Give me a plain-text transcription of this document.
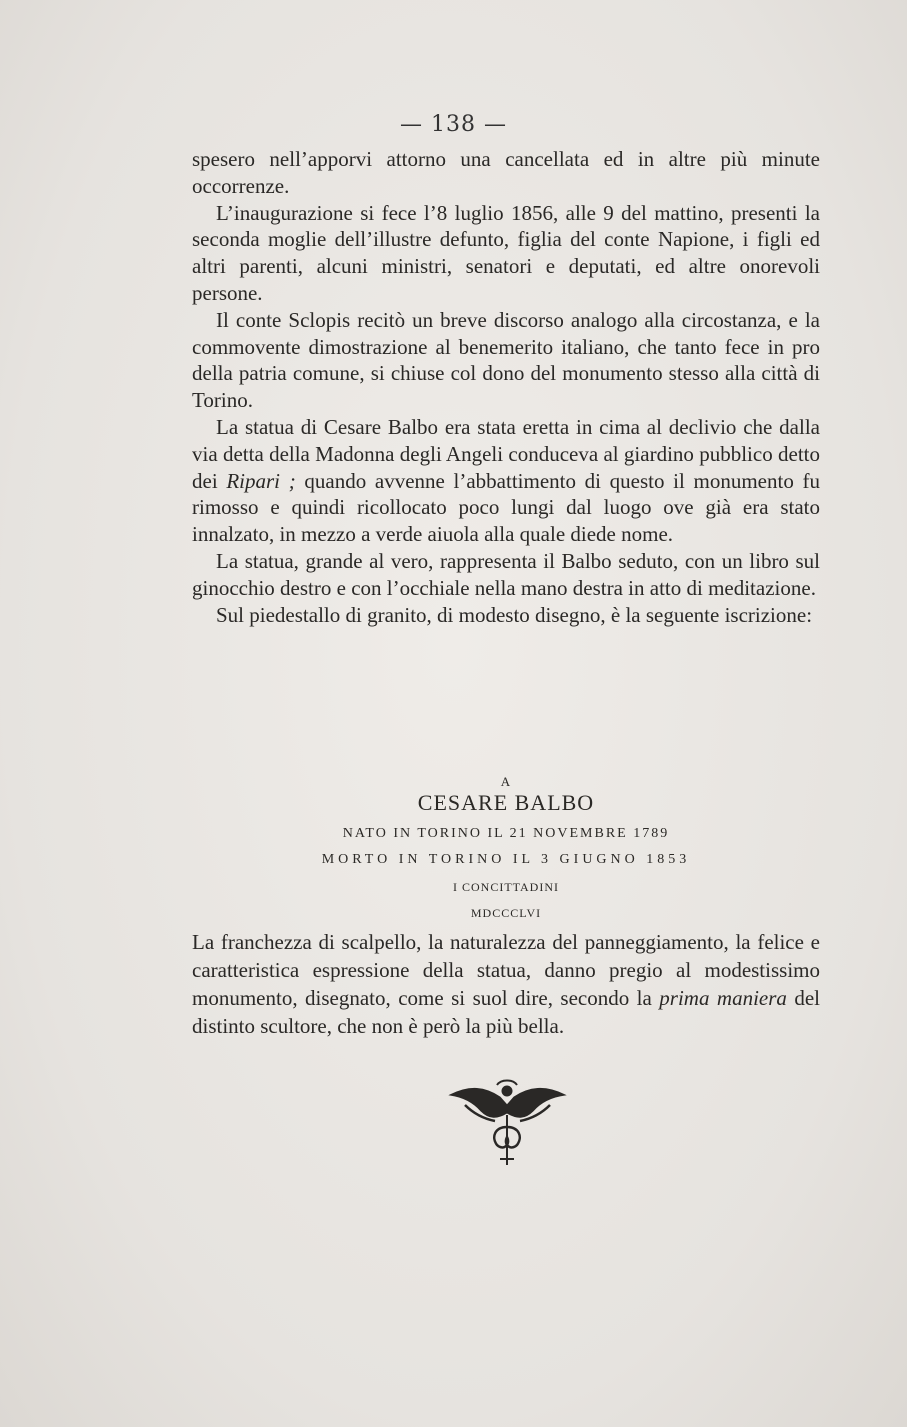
— 138 —

spesero nell’apporvi attorno una cancellata ed in altre più minute occorrenze.

L’inaugurazione si fece l’8 luglio 1856, alle 9 del mattino, presenti la seconda moglie dell’illustre defunto, figlia del conte Napione, i figli ed altri parenti, alcuni ministri, senatori e deputati, ed altre onorevoli persone.

Il conte Sclopis recitò un breve discorso analogo alla circostanza, e la commovente dimostrazione al benemerito italiano, che tanto fece in pro della patria comune, si chiuse col dono del monumento stesso alla città di Torino.

La statua di Cesare Balbo era stata eretta in cima al declivio che dalla via detta della Madonna degli Angeli conduceva al giardino pubblico detto dei Ripari ; quando avvenne l’abbattimento di questo il monumento fu rimosso e quindi ricollocato poco lungi dal luogo ove già era stato innalzato, in mezzo a verde aiuola alla quale diede nome.

La statua, grande al vero, rappresenta il Balbo seduto, con un libro sul ginocchio destro e con l’occhiale nella mano destra in atto di meditazione.

Sul piedestallo di granito, di modesto disegno, è la seguente iscrizione:

A
CESARE BALBO
NATO IN TORINO IL 21 NOVEMBRE 1789
MORTO IN TORINO IL 3 GIUGNO 1853
I CONCITTADINI
MDCCCLVI

La franchezza di scalpello, la naturalezza del panneggiamento, la felice e caratteristica espressione della statua, danno pregio al modestissimo monumento, disegnato, come si suol dire, secondo la prima maniera del distinto scultore, che non è però la più bella.
